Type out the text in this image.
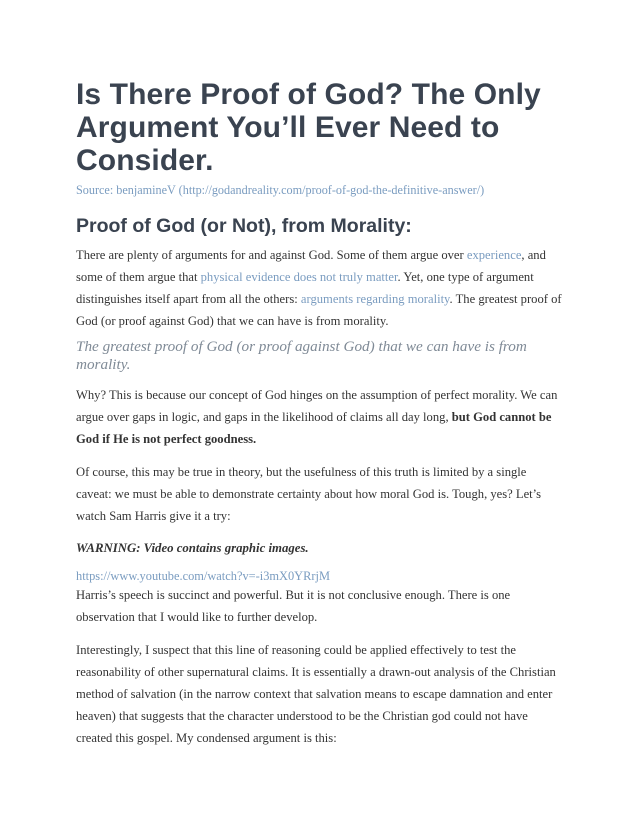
Is There Proof of God? The Only Argument You’ll Ever Need to Consider.
Source: benjamineV (http://godandreality.com/proof-of-god-the-definitive-answer/)
Proof of God (or Not), from Morality:

There are plenty of arguments for and against God. Some of them argue over experience, and some of them argue that physical evidence does not truly matter. Yet, one type of argument distinguishes itself apart from all the others: arguments regarding morality. The greatest proof of God (or proof against God) that we can have is from morality.

The greatest proof of God (or proof against God) that we can have is from morality.

Why? This is because our concept of God hinges on the assumption of perfect morality. We can argue over gaps in logic, and gaps in the likelihood of claims all day long, but God cannot be God if He is not perfect goodness.

Of course, this may be true in theory, but the usefulness of this truth is limited by a single caveat: we must be able to demonstrate certainty about how moral God is. Tough, yes? Let’s watch Sam Harris give it a try:

WARNING: Video contains graphic images.
https://www.youtube.com/watch?v=-i3mX0YRrjM

Harris’s speech is succinct and powerful. But it is not conclusive enough. There is one observation that I would like to further develop.

Interestingly, I suspect that this line of reasoning could be applied effectively to test the reasonability of other supernatural claims. It is essentially a drawn-out analysis of the Christian method of salvation (in the narrow context that salvation means to escape damnation and enter heaven) that suggests that the character understood to be the Christian god could not have created this gospel. My condensed argument is this:
